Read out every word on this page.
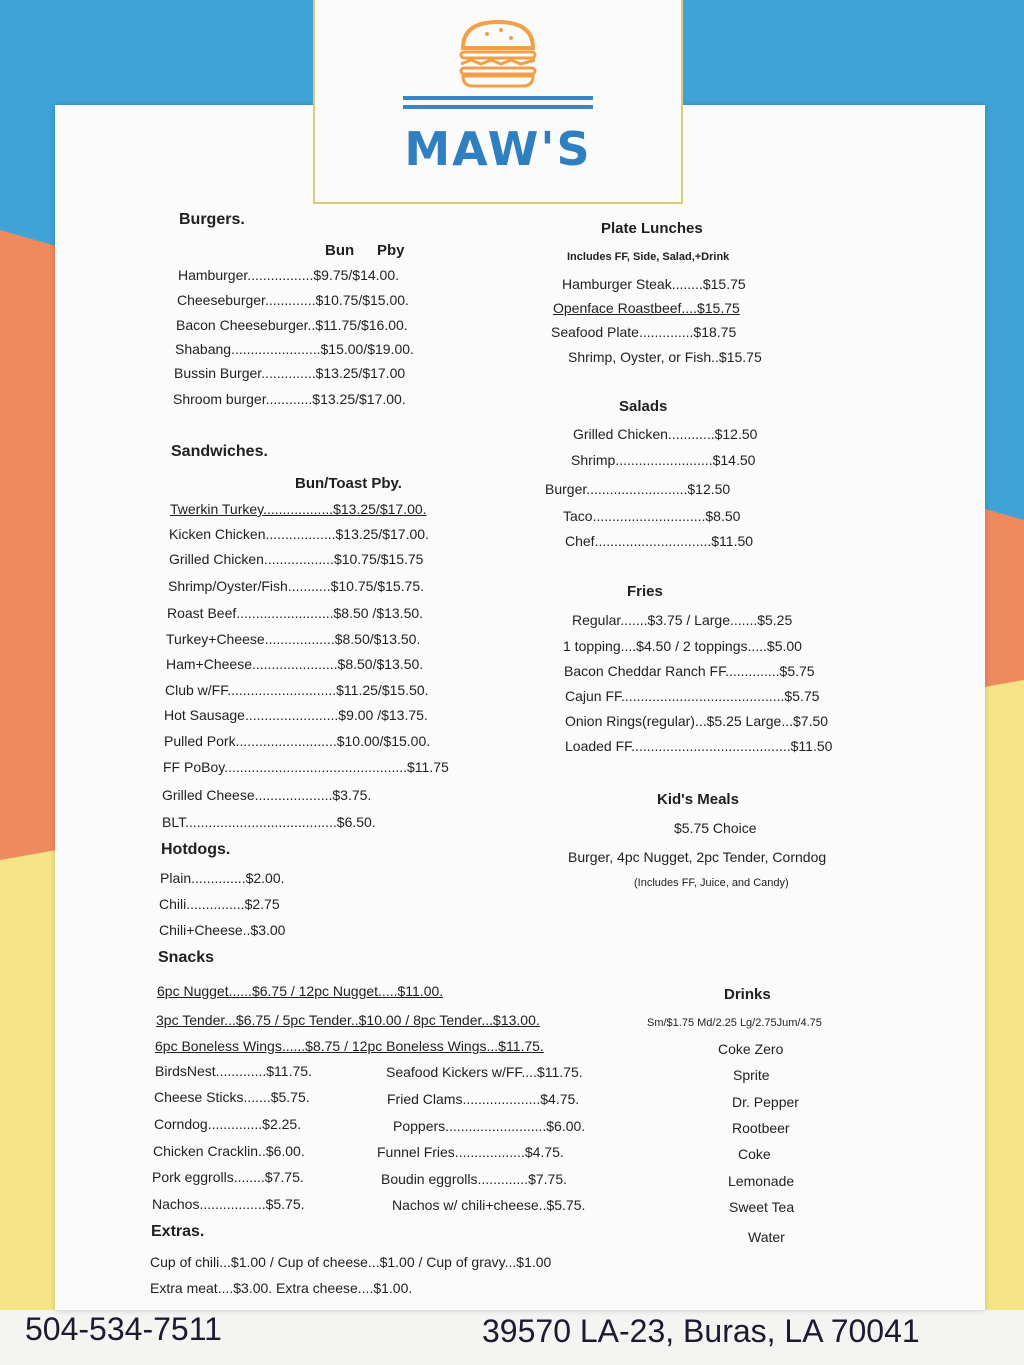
MAW'S
Burgers.
Bun Pby
Hamburger.................$9.75/$14.00.
Cheeseburger.............$10.75/$15.00.
Bacon Cheeseburger..$11.75/$16.00.
Shabang.......................$15.00/$19.00.
Bussin Burger..............$13.25/$17.00
Shroom burger............$13.25/$17.00.
Sandwiches.
Bun/Toast Pby.
Twerkin Turkey..................$13.25/$17.00.
Kicken Chicken..................$13.25/$17.00.
Grilled Chicken..................$10.75/$15.75
Shrimp/Oyster/Fish...........$10.75/$15.75.
Roast Beef.........................$8.50 /$13.50.
Turkey+Cheese..................$8.50/$13.50.
Ham+Cheese......................$8.50/$13.50.
Club w/FF............................$11.25/$15.50.
Hot Sausage........................$9.00 /$13.75.
Pulled Pork..........................$10.00/$15.00.
FF PoBoy...............................................$11.75
Grilled Cheese....................$3.75.
BLT.......................................$6.50.
Hotdogs.
Plain..............$2.00.
Chili...............$2.75
Chili+Cheese..$3.00
Snacks
6pc Nugget......$6.75 / 12pc Nugget.....$11.00.
3pc Tender...$6.75 / 5pc Tender..$10.00 / 8pc Tender...$13.00.
6pc Boneless Wings......$8.75 / 12pc Boneless Wings...$11.75.
BirdsNest.............$11.75.
Cheese Sticks.......$5.75.
Corndog..............$2.25.
Chicken Cracklin..$6.00.
Pork eggrolls........$7.75.
Nachos.................$5.75.
Seafood Kickers w/FF....$11.75.
Fried Clams....................$4.75.
Poppers..........................$6.00.
Funnel Fries..................$4.75.
Boudin eggrolls.............$7.75.
Nachos w/ chili+cheese..$5.75.
Extras.
Cup of chili...$1.00 / Cup of cheese...$1.00 / Cup of gravy...$1.00
Extra meat....$3.00. Extra cheese....$1.00.
Plate Lunches
Includes FF, Side, Salad,+Drink
Hamburger Steak........$15.75
Openface Roastbeef....$15.75
Seafood Plate..............$18.75
Shrimp, Oyster, or Fish..$15.75
Salads
Grilled Chicken............$12.50
Shrimp.........................$14.50
Burger..........................$12.50
Taco.............................$8.50
Chef..............................$11.50
Fries
Regular.......$3.75 / Large.......$5.25
1 topping....$4.50 / 2 toppings.....$5.00
Bacon Cheddar Ranch FF..............$5.75
Cajun FF..........................................$5.75
Onion Rings(regular)...$5.25 Large...$7.50
Loaded FF.........................................$11.50
Kid's Meals
$5.75 Choice
Burger, 4pc Nugget, 2pc Tender, Corndog
(Includes FF, Juice, and Candy)
Drinks
Sm/$1.75 Md/2.25 Lg/2.75Jum/4.75
Coke Zero
Sprite
Dr. Pepper
Rootbeer
Coke
Lemonade
Sweet Tea
Water
504-534-7511	39570 LA-23, Buras, LA 70041
